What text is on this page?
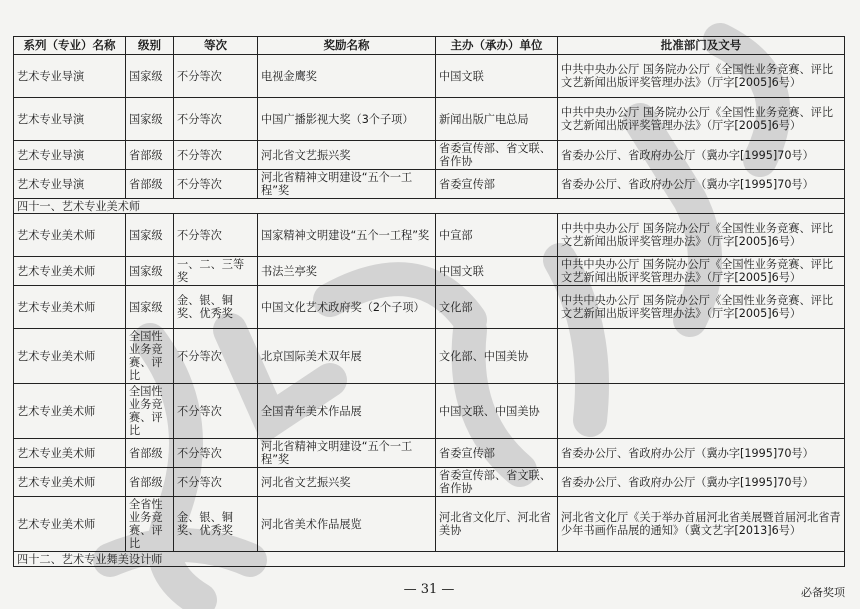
系列（专业）名称	级别	等次	奖励名称	主办（承办）单位	批准部门及文号
艺术专业导演	国家级	不分等次	电视金鹰奖	中国文联	中共中央办公厅 国务院办公厅《全国性业务竞赛、评比文艺新闻出版评奖管理办法》（厅字[2005]6号）
艺术专业导演	国家级	不分等次	中国广播影视大奖（3个子项）	新闻出版广电总局	中共中央办公厅 国务院办公厅《全国性业务竞赛、评比文艺新闻出版评奖管理办法》（厅字[2005]6号）
艺术专业导演	省部级	不分等次	河北省文艺振兴奖	省委宣传部、省文联、省作协	省委办公厅、省政府办公厅（冀办字[1995]70号）
艺术专业导演	省部级	不分等次	河北省精神文明建设“五个一工程”奖	省委宣传部	省委办公厅、省政府办公厅（冀办字[1995]70号）
四十一、艺术专业美术师					
艺术专业美术师	国家级	不分等次	国家精神文明建设“五个一工程”奖	中宣部	中共中央办公厅 国务院办公厅《全国性业务竞赛、评比文艺新闻出版评奖管理办法》（厅字[2005]6号）
艺术专业美术师	国家级	一、二、三等奖	书法兰亭奖	中国文联	中共中央办公厅 国务院办公厅《全国性业务竞赛、评比文艺新闻出版评奖管理办法》（厅字[2005]6号）
艺术专业美术师	国家级	金、银、铜奖、优秀奖	中国文化艺术政府奖（2个子项）	文化部	中共中央办公厅 国务院办公厅《全国性业务竞赛、评比文艺新闻出版评奖管理办法》（厅字[2005]6号）
艺术专业美术师	全国性业务竞赛、评比	不分等次	北京国际美术双年展	文化部、中国美协	
艺术专业美术师	全国性业务竞赛、评比	不分等次	全国青年美术作品展	中国文联、中国美协	
艺术专业美术师	省部级	不分等次	河北省精神文明建设“五个一工程”奖	省委宣传部	省委办公厅、省政府办公厅（冀办字[1995]70号）
艺术专业美术师	省部级	不分等次	河北省文艺振兴奖	省委宣传部、省文联、省作协	省委办公厅、省政府办公厅（冀办字[1995]70号）
艺术专业美术师	全省性业务竞赛、评比	金、银、铜奖、优秀奖	河北省美术作品展览	河北省文化厅、河北省美协	河北省文化厅《关于举办首届河北省美展暨首届河北省青少年书画作品展的通知》（冀文艺字[2013]6号）
四十二、艺术专业舞美设计师					
— 31 —	必备奖项
